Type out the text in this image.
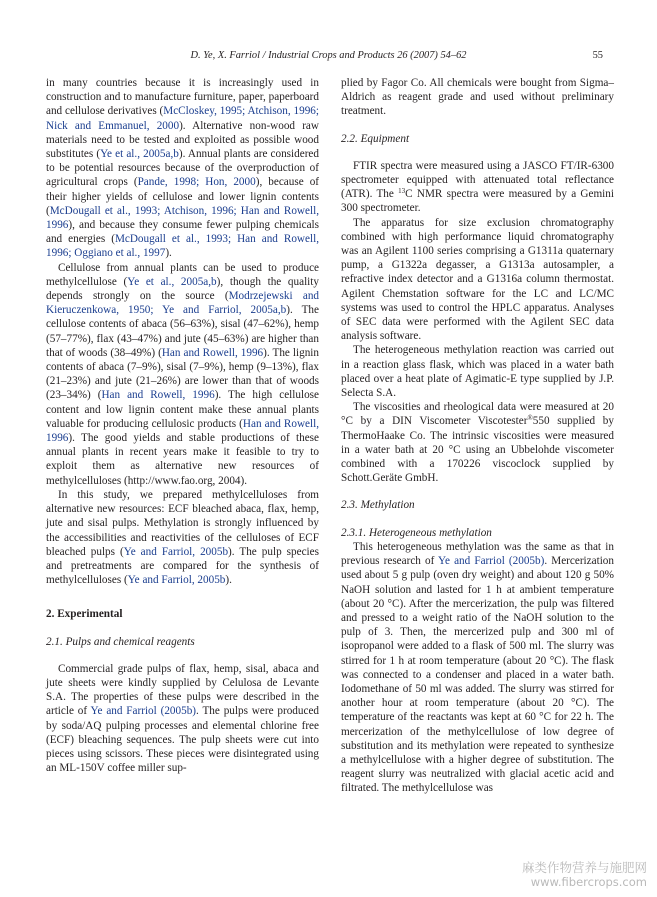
D. Ye, X. Farriol / Industrial Crops and Products 26 (2007) 54–62	55

in many countries because it is increasingly used in construction and to manufacture furniture, paper, paperboard and cellulose derivatives (McCloskey, 1995; Atchison, 1996; Nick and Emmanuel, 2000). Alternative non-wood raw materials need to be tested and exploited as possible wood substitutes (Ye et al., 2005a,b). Annual plants are considered to be potential resources because of the overproduction of agricultural crops (Pande, 1998; Hon, 2000), because of their higher yields of cellulose and lower lignin contents (McDougall et al., 1993; Atchison, 1996; Han and Rowell, 1996), and because they consume fewer pulping chemicals and energies (McDougall et al., 1993; Han and Rowell, 1996; Oggiano et al., 1997).

Cellulose from annual plants can be used to produce methylcellulose (Ye et al., 2005a,b), though the quality depends strongly on the source (Modrzejewski and Kieruczenkowa, 1950; Ye and Farriol, 2005a,b). The cellulose contents of abaca (56–63%), sisal (47–62%), hemp (57–77%), flax (43–47%) and jute (45–63%) are higher than that of woods (38–49%) (Han and Rowell, 1996). The lignin contents of abaca (7–9%), sisal (7–9%), hemp (9–13%), flax (21–23%) and jute (21–26%) are lower than that of woods (23–34%) (Han and Rowell, 1996). The high cellulose content and low lignin content make these annual plants valuable for producing cellulosic products (Han and Rowell, 1996). The good yields and stable productions of these annual plants in recent years make it feasible to try to exploit them as alternative new resources of methylcelluloses (http://www.fao.org, 2004).

In this study, we prepared methylcelluloses from alternative new resources: ECF bleached abaca, flax, hemp, jute and sisal pulps. Methylation is strongly influenced by the accessibilities and reactivities of the celluloses of ECF bleached pulps (Ye and Farriol, 2005b). The pulp species and pretreatments are compared for the synthesis of methylcelluloses (Ye and Farriol, 2005b).

2. Experimental

2.1. Pulps and chemical reagents

Commercial grade pulps of flax, hemp, sisal, abaca and jute sheets were kindly supplied by Celulosa de Levante S.A. The properties of these pulps were described in the article of Ye and Farriol (2005b). The pulps were produced by soda/AQ pulping processes and elemental chlorine free (ECF) bleaching sequences. The pulp sheets were cut into pieces using scissors. These pieces were disintegrated using an ML-150V coffee miller sup-

plied by Fagor Co. All chemicals were bought from Sigma–Aldrich as reagent grade and used without preliminary treatment.

2.2. Equipment

FTIR spectra were measured using a JASCO FT/IR-6300 spectrometer equipped with attenuated total reflectance (ATR). The $^{13}$C NMR spectra were measured by a Gemini 300 spectrometer.

The apparatus for size exclusion chromatography combined with high performance liquid chromatography was an Agilent 1100 series comprising a G1311a quaternary pump, a G1322a degasser, a G1313a autosampler, a refractive index detector and a G1316a column thermostat. Agilent Chemstation software for the LC and LC/MC systems was used to control the HPLC apparatus. Analyses of SEC data were performed with the Agilent SEC data analysis software.

The heterogeneous methylation reaction was carried out in a reaction glass flask, which was placed in a water bath placed over a heat plate of Agimatic-E type supplied by J.P. Selecta S.A.

The viscosities and rheological data were measured at 20 °C by a DIN Viscometer Viscotester®550 supplied by ThermoHaake Co. The intrinsic viscosities were measured in a water bath at 20 °C using an Ubbelohde viscometer combined with a 170226 viscoclock supplied by Schott.Geräte GmbH.

2.3. Methylation

2.3.1. Heterogeneous methylation

This heterogeneous methylation was the same as that in previous research of Ye and Farriol (2005b). Mercerization used about 5 g pulp (oven dry weight) and about 120 g 50% NaOH solution and lasted for 1 h at ambient temperature (about 20 °C). After the mercerization, the pulp was filtered and pressed to a weight ratio of the NaOH solution to the pulp of 3. Then, the mercerized pulp and 300 ml of isopropanol were added to a flask of 500 ml. The slurry was stirred for 1 h at room temperature (about 20 °C). The flask was connected to a condenser and placed in a water bath. Iodomethane of 50 ml was added. The slurry was stirred for another hour at room temperature (about 20 °C). The temperature of the reactants was kept at 60 °C for 22 h. The mercerization of the methylcellulose of low degree of substitution and its methylation were repeated to synthesize a methylcellulose with a higher degree of substitution. The reagent slurry was neutralized with glacial acetic acid and filtrated. The methylcellulose was

麻类作物营养与施肥网
www.fibercrops.com
